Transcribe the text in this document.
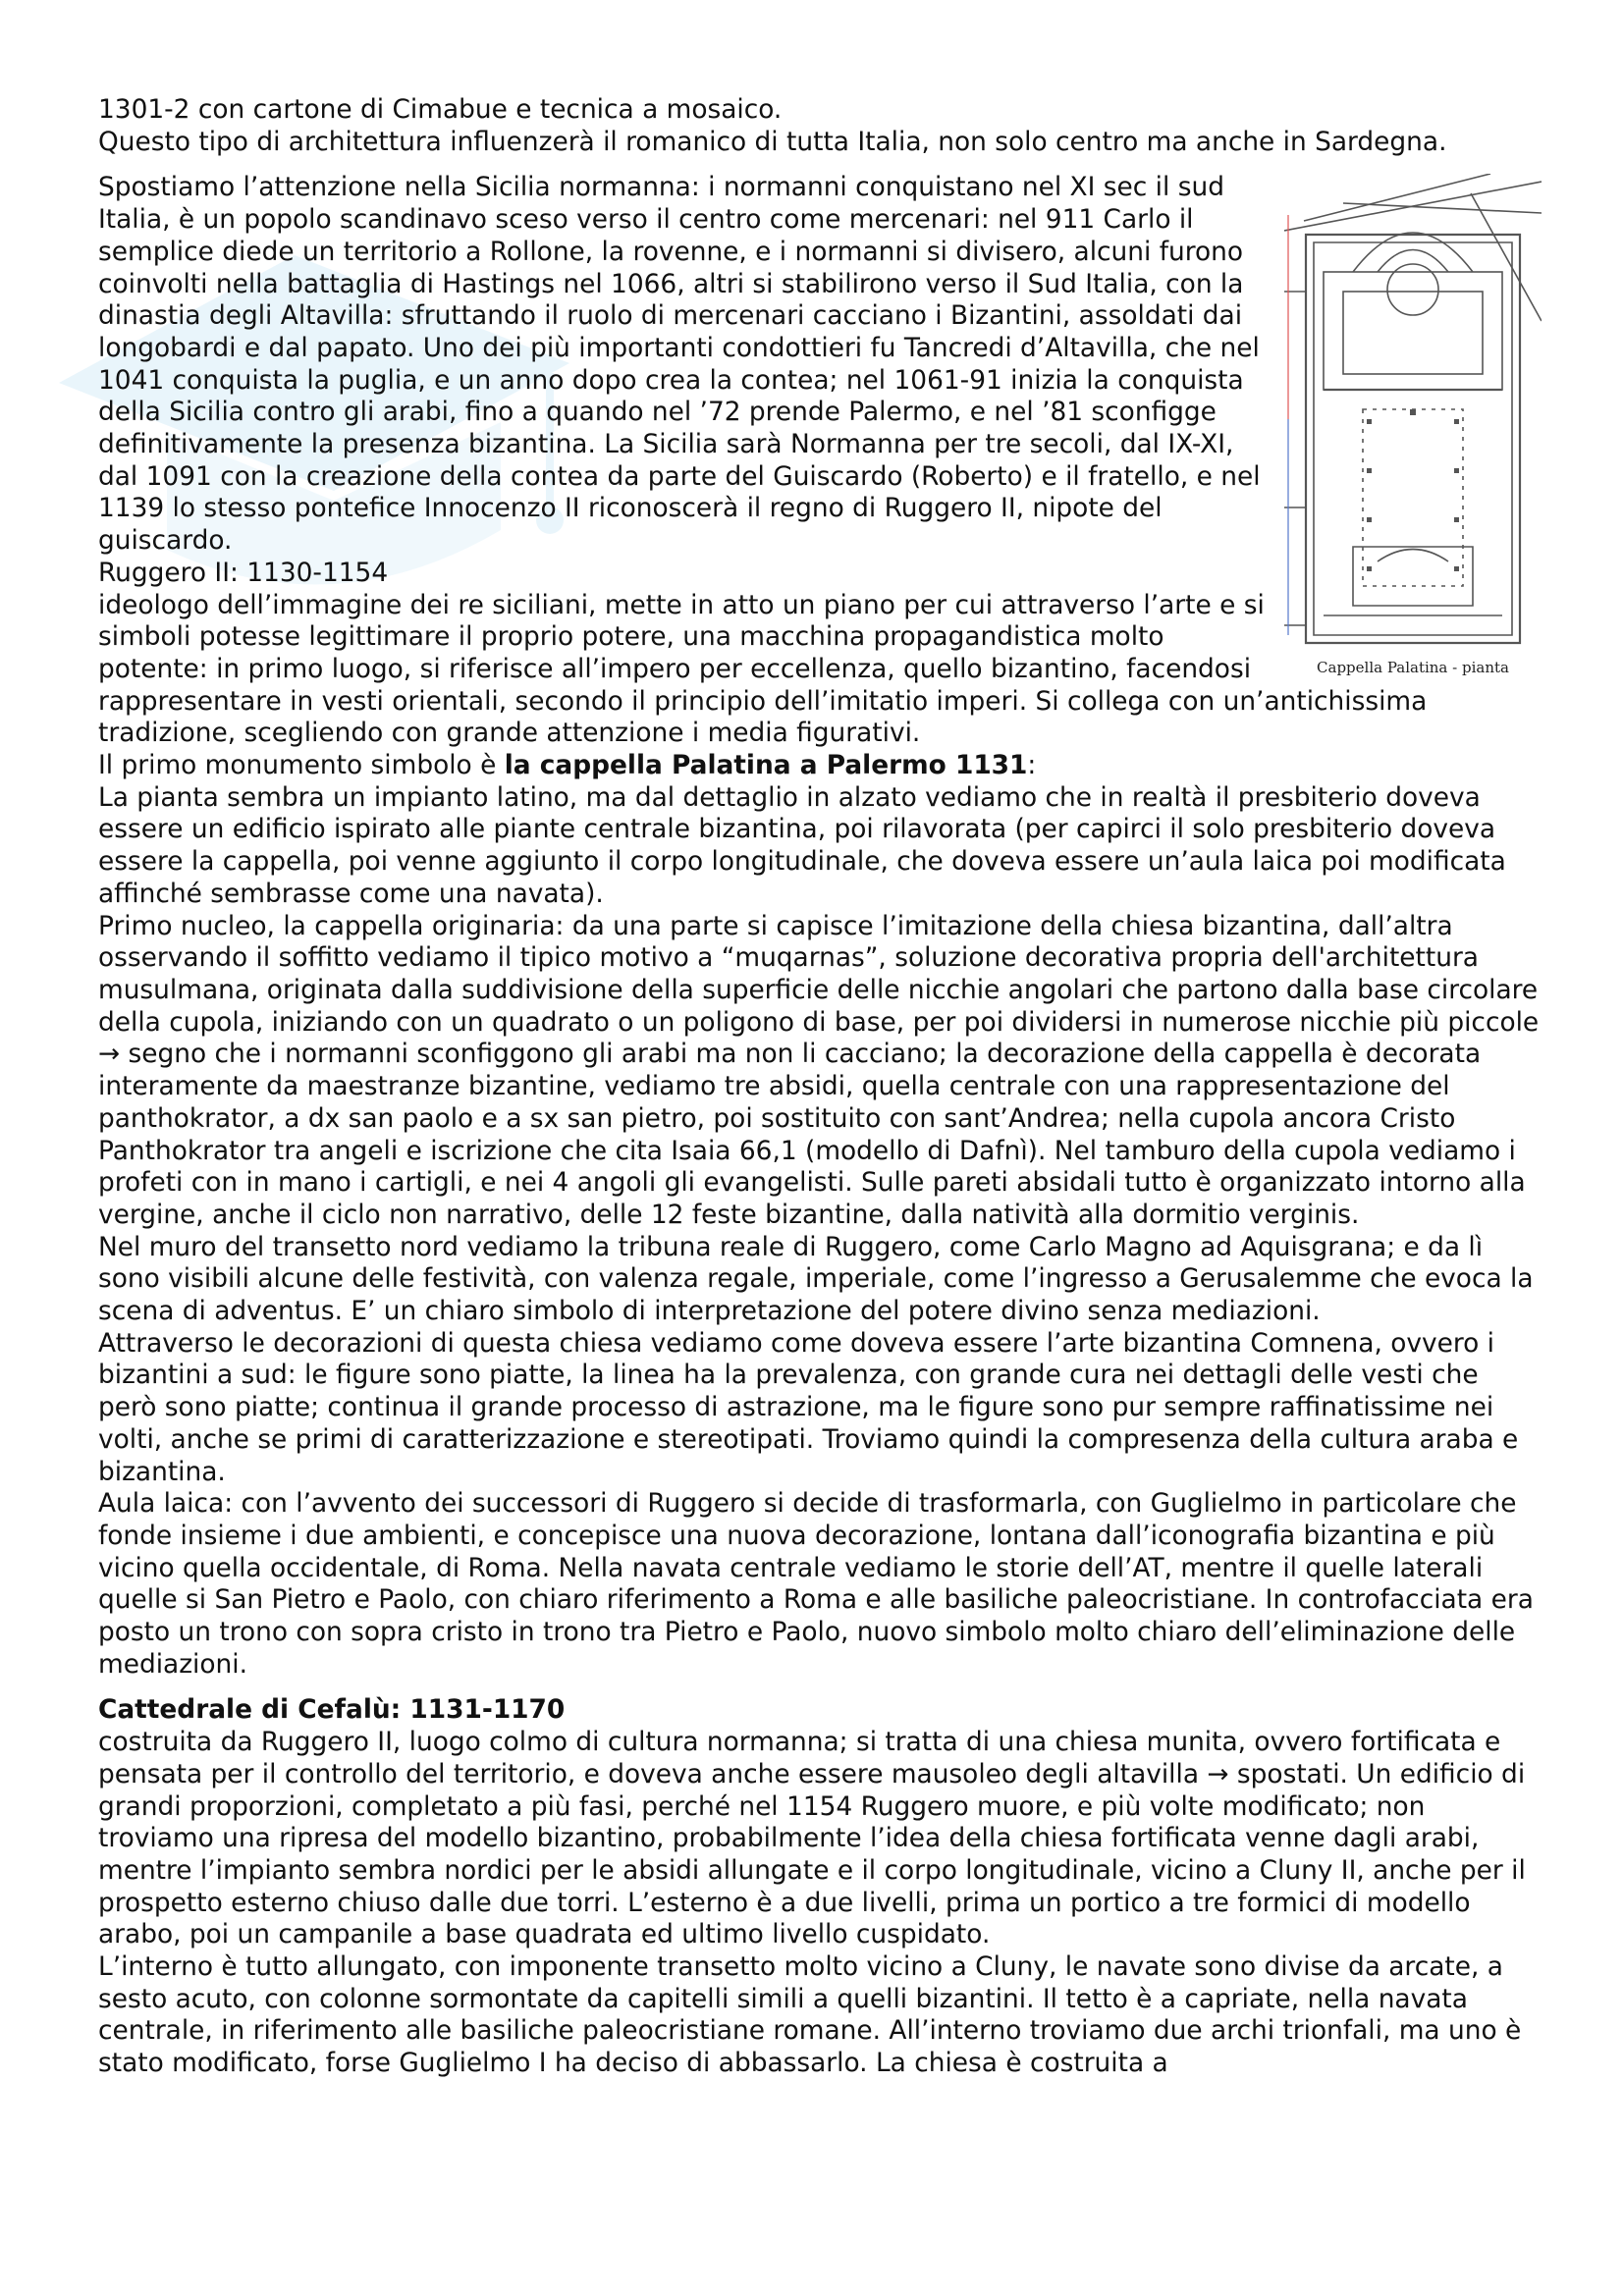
1301-2 con cartone di Cimabue e tecnica a mosaico.

Questo tipo di architettura influenzerà il romanico di tutta Italia, non solo centro ma anche in Sardegna.

Cappella Palatina - pianta

Spostiamo l’attenzione nella Sicilia normanna: i normanni conquistano nel XI sec il sud Italia, è un popolo scandinavo sceso verso il centro come mercenari: nel 911 Carlo il semplice diede un territorio a Rollone, la rovenne, e i normanni si divisero, alcuni furono coinvolti nella battaglia di Hastings nel 1066, altri si stabilirono verso il Sud Italia, con la dinastia degli Altavilla: sfruttando il ruolo di mercenari cacciano i Bizantini, assoldati dai longobardi e dal papato. Uno dei più importanti condottieri fu Tancredi d’Altavilla, che nel 1041 conquista la puglia, e un anno dopo crea la contea; nel 1061-91 inizia la conquista della Sicilia contro gli arabi, fino a quando nel ’72 prende Palermo, e nel ’81 sconfigge definitivamente la presenza bizantina. La Sicilia sarà Normanna per tre secoli, dal IX-XI, dal 1091 con la creazione della contea da parte del Guiscardo (Roberto) e il fratello, e nel 1139 lo stesso pontefice Innocenzo II riconoscerà il regno di Ruggero II, nipote del guiscardo.

Ruggero II: 1130-1154

ideologo dell’immagine dei re siciliani, mette in atto un piano per cui attraverso l’arte e si simboli potesse legittimare il proprio potere, una macchina propagandistica molto potente: in primo luogo, si riferisce all’impero per eccellenza, quello bizantino, facendosi rappresentare in vesti orientali, secondo il principio dell’imitatio imperi. Si collega con un’antichissima tradizione, scegliendo con grande attenzione i media figurativi.

Il primo monumento simbolo è la cappella Palatina a Palermo 1131:

La pianta sembra un impianto latino, ma dal dettaglio in alzato vediamo che in realtà il presbiterio doveva essere un edificio ispirato alle piante centrale bizantina, poi rilavorata (per capirci il solo presbiterio doveva essere la cappella, poi venne aggiunto il corpo longitudinale, che doveva essere un’aula laica poi modificata affinché sembrasse come una navata).

Primo nucleo, la cappella originaria: da una parte si capisce l’imitazione della chiesa bizantina, dall’altra osservando il soffitto vediamo il tipico motivo a “muqarnas”, soluzione decorativa propria dell'architettura musulmana, originata dalla suddivisione della superficie delle nicchie angolari che partono dalla base circolare della cupola, iniziando con un quadrato o un poligono di base, per poi dividersi in numerose nicchie più piccole → segno che i normanni sconfiggono gli arabi ma non li cacciano; la decorazione della cappella è decorata interamente da maestranze bizantine, vediamo tre absidi, quella centrale con una rappresentazione del panthokrator, a dx san paolo e a sx san pietro, poi sostituito con sant’Andrea; nella cupola ancora Cristo Panthokrator tra angeli e iscrizione che cita Isaia 66,1 (modello di Dafnì). Nel tamburo della cupola vediamo i profeti con in mano i cartigli, e nei 4 angoli gli evangelisti. Sulle pareti absidali tutto è organizzato intorno alla vergine, anche il ciclo non narrativo, delle 12 feste bizantine, dalla natività alla dormitio verginis.

Nel muro del transetto nord vediamo la tribuna reale di Ruggero, come Carlo Magno ad Aquisgrana; e da lì sono visibili alcune delle festività, con valenza regale, imperiale, come l’ingresso a Gerusalemme che evoca la scena di adventus. E’ un chiaro simbolo di interpretazione del potere divino senza mediazioni.

Attraverso le decorazioni di questa chiesa vediamo come doveva essere l’arte bizantina Comnena, ovvero i bizantini a sud: le figure sono piatte, la linea ha la prevalenza, con grande cura nei dettagli delle vesti che però sono piatte; continua il grande processo di astrazione, ma le figure sono pur sempre raffinatissime nei volti, anche se primi di caratterizzazione e stereotipati. Troviamo quindi la compresenza della cultura araba e bizantina.

Aula laica: con l’avvento dei successori di Ruggero si decide di trasformarla, con Guglielmo in particolare che fonde insieme i due ambienti, e concepisce una nuova decorazione, lontana dall’iconografia bizantina e più vicino quella occidentale, di Roma. Nella navata centrale vediamo le storie dell’AT, mentre il quelle laterali quelle si San Pietro e Paolo, con chiaro riferimento a Roma e alle basiliche paleocristiane. In controfacciata era posto un trono con sopra cristo in trono tra Pietro e Paolo, nuovo simbolo molto chiaro dell’eliminazione delle mediazioni.

Cattedrale di Cefalù: 1131-1170

costruita da Ruggero II, luogo colmo di cultura normanna; si tratta di una chiesa munita, ovvero fortificata e pensata per il controllo del territorio, e doveva anche essere mausoleo degli altavilla → spostati. Un edificio di grandi proporzioni, completato a più fasi, perché nel 1154 Ruggero muore, e più volte modificato; non troviamo una ripresa del modello bizantino, probabilmente l’idea della chiesa fortificata venne dagli arabi, mentre l’impianto sembra nordici per le absidi allungate e il corpo longitudinale, vicino a Cluny II, anche per il prospetto esterno chiuso dalle due torri. L’esterno è a due livelli, prima un portico a tre formici di modello arabo, poi un campanile a base quadrata ed ultimo livello cuspidato.

L’interno è tutto allungato, con imponente transetto molto vicino a Cluny, le navate sono divise da arcate, a sesto acuto, con colonne sormontate da capitelli simili a quelli bizantini. Il tetto è a capriate, nella navata centrale, in riferimento alle basiliche paleocristiane romane. All’interno troviamo due archi trionfali, ma uno è stato modificato, forse Guglielmo I ha deciso di abbassarlo. La chiesa è costruita a
